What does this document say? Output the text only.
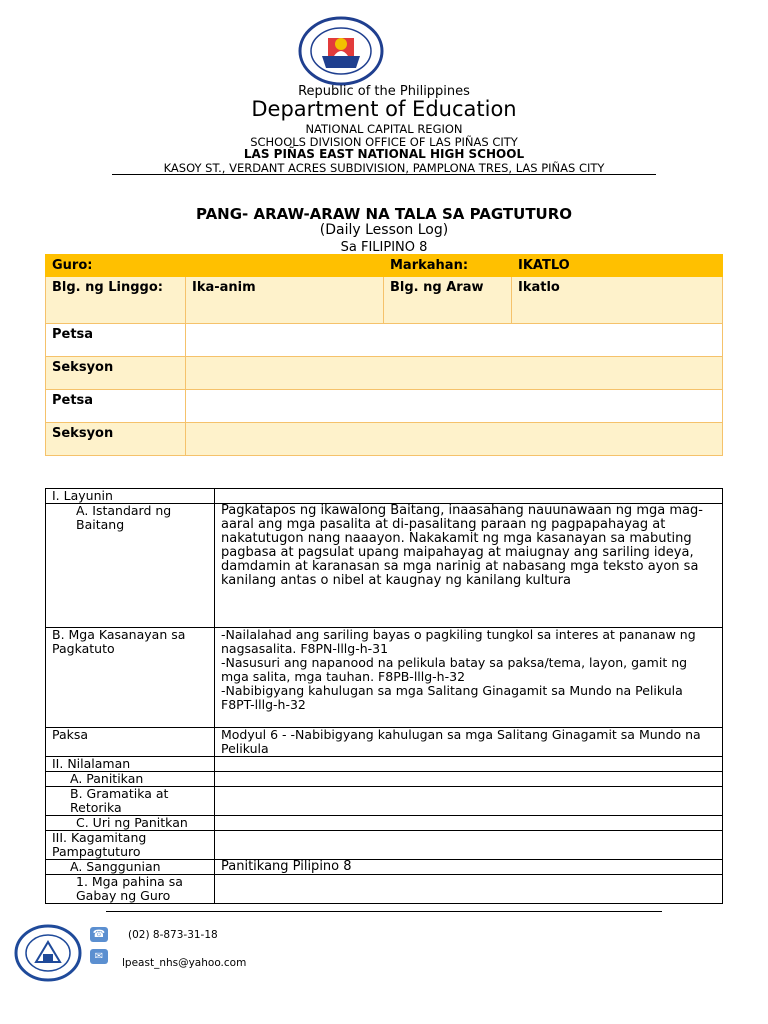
Republic of the Philippines
Department of Education
NATIONAL CAPITAL REGION
SCHOOLS DIVISION OFFICE OF LAS PIÑAS CITY
LAS PIÑAS EAST NATIONAL HIGH SCHOOL
KASOY ST., VERDANT ACRES SUBDIVISION, PAMPLONA TRES, LAS PIÑAS CITY
PANG- ARAW-ARAW NA TALA SA PAGTUTURO
(Daily Lesson Log)
Sa FILIPINO 8
Guro:		Markahan:	IKATLO
Blg. ng Linggo:	Ika-anim	Blg. ng Araw	Ikatlo
Petsa			
Seksyon			
Petsa			
Seksyon			
I. Layunin	
A. Istandard ng Baitang	Pagkatapos ng ikawalong Baitang, inaasahang nauunawaan ng mga mag-aaral ang mga pasalita at di-pasalitang paraan ng pagpapahayag at nakatutugon nang naaayon. Nakakamit ng mga kasanayan sa mabuting pagbasa at pagsulat upang maipahayag at maiugnay ang sariling ideya, damdamin at karanasan sa mga narinig at nabasang mga teksto ayon sa kanilang antas o nibel at kaugnay ng kanilang kultura
B. Mga Kasanayan sa Pagkatuto	-Nailalahad ang sariling bayas o pagkiling tungkol sa interes at pananaw ng nagsasalita. F8PN-lllg-h-31
-Nasusuri ang napanood na pelikula batay sa paksa/tema, layon, gamit ng mga salita, mga tauhan. F8PB-lllg-h-32
-Nabibigyang kahulugan sa mga Salitang Ginagamit sa Mundo na Pelikula F8PT-lllg-h-32

Paksa	Modyul 6 - -Nabibigyang kahulugan sa mga Salitang Ginagamit sa Mundo na Pelikula
II. Nilalaman	
A. Panitikan	
B. Gramatika at Retorika	
C. Uri ng Panitkan	
III. Kagamitang Pampagtuturo	
A. Sanggunian	Panitikang Pilipino 8
1. Mga pahina sa Gabay ng Guro	
☎
✉
(02) 8-873-31-18
lpeast_nhs@yahoo.com
